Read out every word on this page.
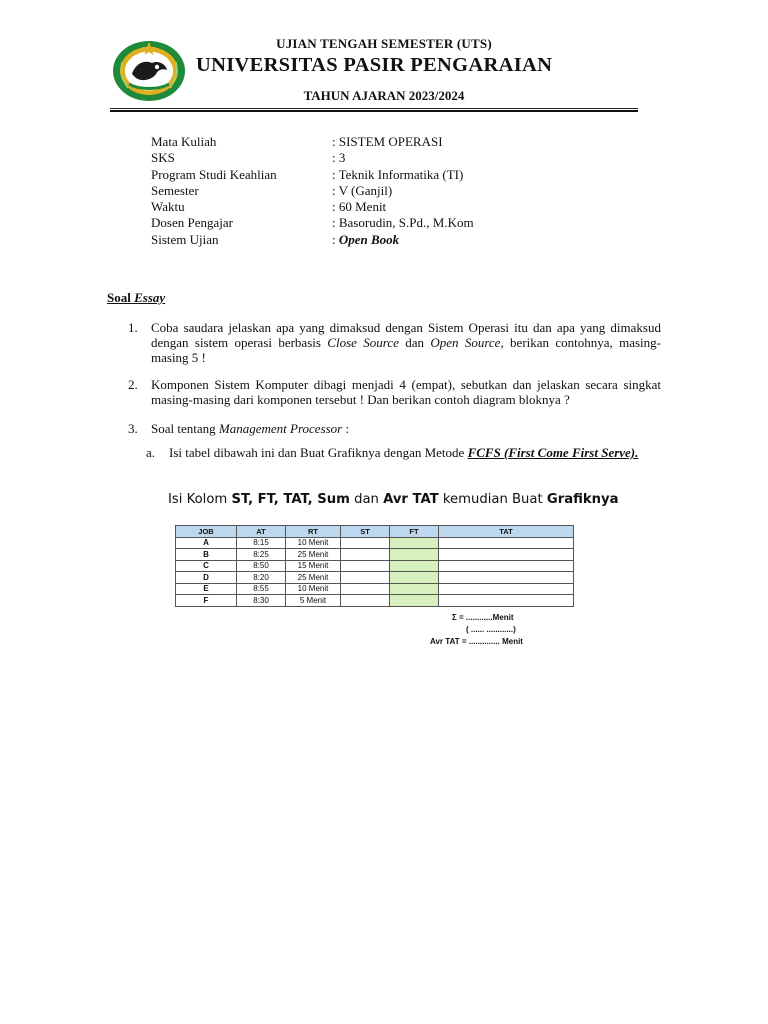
UJIAN TENGAH SEMESTER (UTS)
UNIVERSITAS PASIR PENGARAIAN
TAHUN AJARAN 2023/2024
Mata Kuliah	: SISTEM OPERASI
SKS	: 3
Program Studi Keahlian	: Teknik Informatika (TI)
Semester	: V (Ganjil)
Waktu	: 60 Menit
Dosen Pengajar	: Basorudin, S.Pd., M.Kom
Sistem Ujian	: Open Book
Soal Essay
1. Coba saudara jelaskan apa yang dimaksud dengan Sistem Operasi itu dan apa yang dimaksud dengan sistem operasi berbasis Close Source dan Open Source, berikan contohnya, masing-masing 5 !
2. Komponen Sistem Komputer dibagi menjadi 4 (empat), sebutkan dan jelaskan secara singkat masing-masing dari komponen tersebut ! Dan berikan contoh diagram bloknya ?
3. Soal tentang Management Processor :
a. Isi tabel dibawah ini dan Buat Grafiknya dengan Metode FCFS (First Come First Serve).
Isi Kolom ST, FT, TAT, Sum dan Avr TAT kemudian Buat Grafiknya
JOB	AT	RT	ST	FT	TAT
A	8:15	10 Menit			
B	8:25	25 Menit			
C	8:50	15 Menit			
D	8:20	25 Menit			
E	8:55	10 Menit			
F	8:30	5 Menit			
Σ = ............Menit
( ...... ............)
Avr TAT = .............. Menit
